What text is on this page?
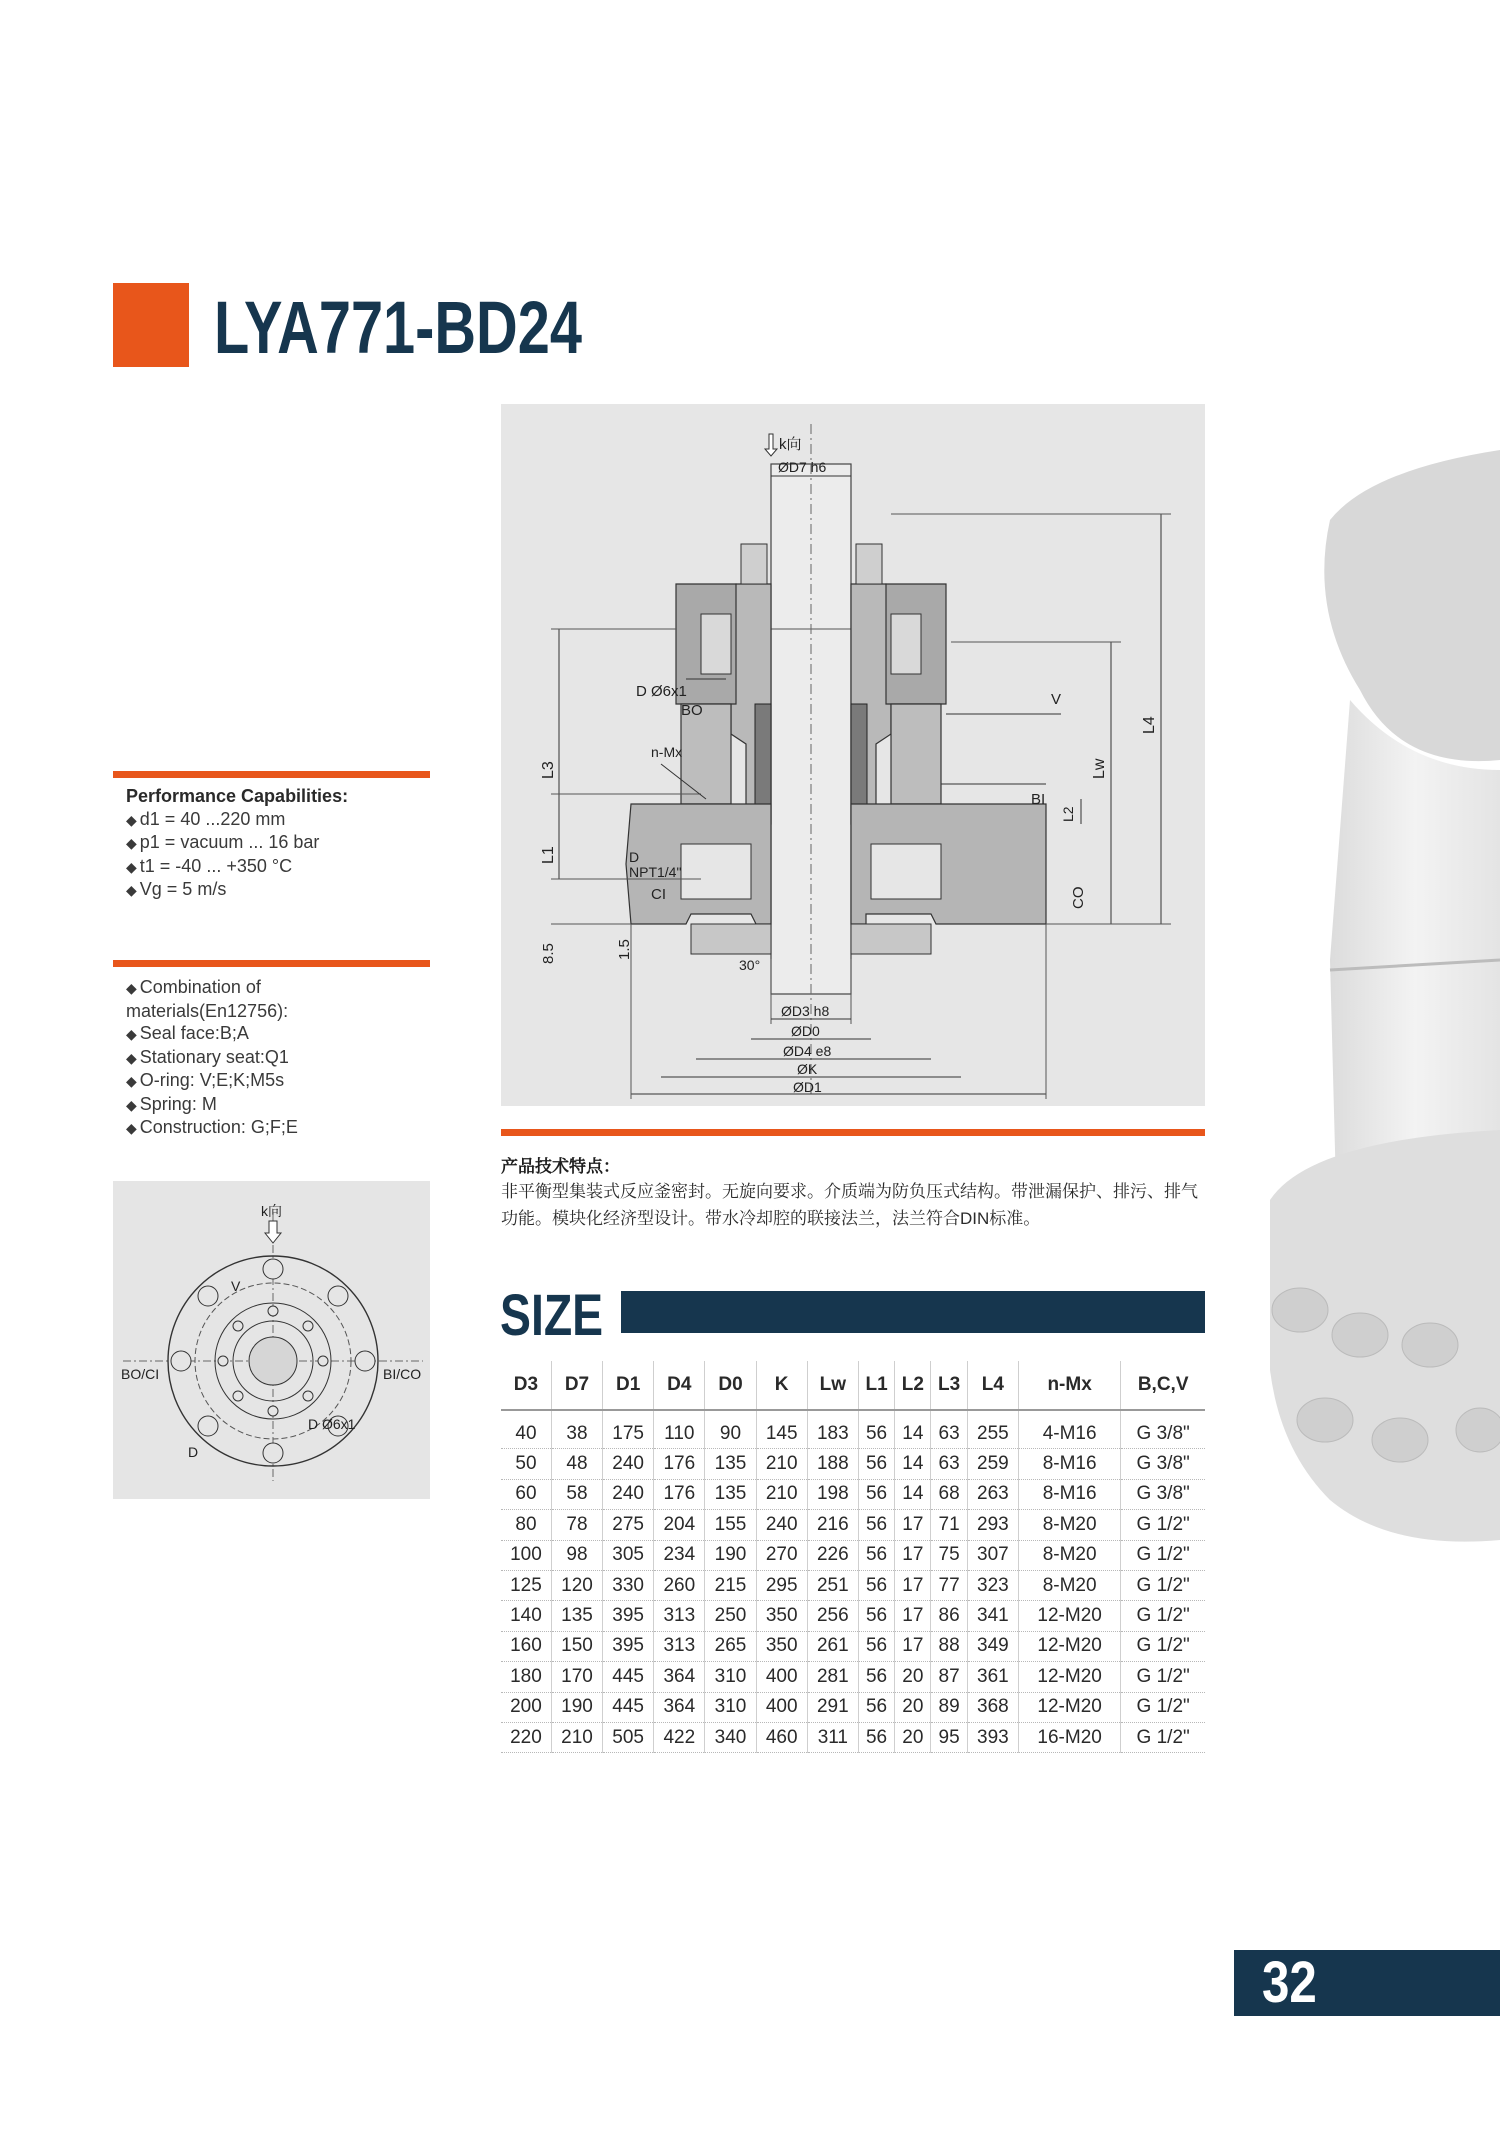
LYA771-BD24
Performance Capabilities:
◆ d1 = 40 ...220 mm
◆ p1 = vacuum ... 16 bar
◆ t1 = -40 ... +350 °C
◆ Vg = 5 m/s
◆ Combination of materials(En12756):
◆ Seal face:B;A
◆ Stationary seat:Q1
◆ O-ring: V;E;K;M5s
◆ Spring: M
◆ Construction: G;F;E
k向
ØD7 h6
L3
L1
8.5	1.5
D Ø6x1
BO
n-Mx
D
NPT1/4"
CI
30°
V
BI
CO
Lw
L4
L2
ØD3 h8
ØD0
ØD4 e8
ØK
ØD1
k向
V
BO/CI	BI/CO
D Ø6x1
D
产品技术特点：
非平衡型集装式反应釜密封。无旋向要求。介质端为防负压式结构。带泄漏保护、排污、排气功能。模块化经济型设计。带水冷却腔的联接法兰，法兰符合DIN标准。
SIZE
D3	D7	D1	D4	D0	K	Lw	L1	L2	L3	L4	n-Mx	B,C,V
40	38	175	110	90	145	183	56	14	63	255	4-M16	G 3/8"
50	48	240	176	135	210	188	56	14	63	259	8-M16	G 3/8"
60	58	240	176	135	210	198	56	14	68	263	8-M16	G 3/8"
80	78	275	204	155	240	216	56	17	71	293	8-M20	G 1/2"
100	98	305	234	190	270	226	56	17	75	307	8-M20	G 1/2"
125	120	330	260	215	295	251	56	17	77	323	8-M20	G 1/2"
140	135	395	313	250	350	256	56	17	86	341	12-M20	G 1/2"
160	150	395	313	265	350	261	56	17	88	349	12-M20	G 1/2"
180	170	445	364	310	400	281	56	20	87	361	12-M20	G 1/2"
200	190	445	364	310	400	291	56	20	89	368	12-M20	G 1/2"
220	210	505	422	340	460	311	56	20	95	393	16-M20	G 1/2"
32
